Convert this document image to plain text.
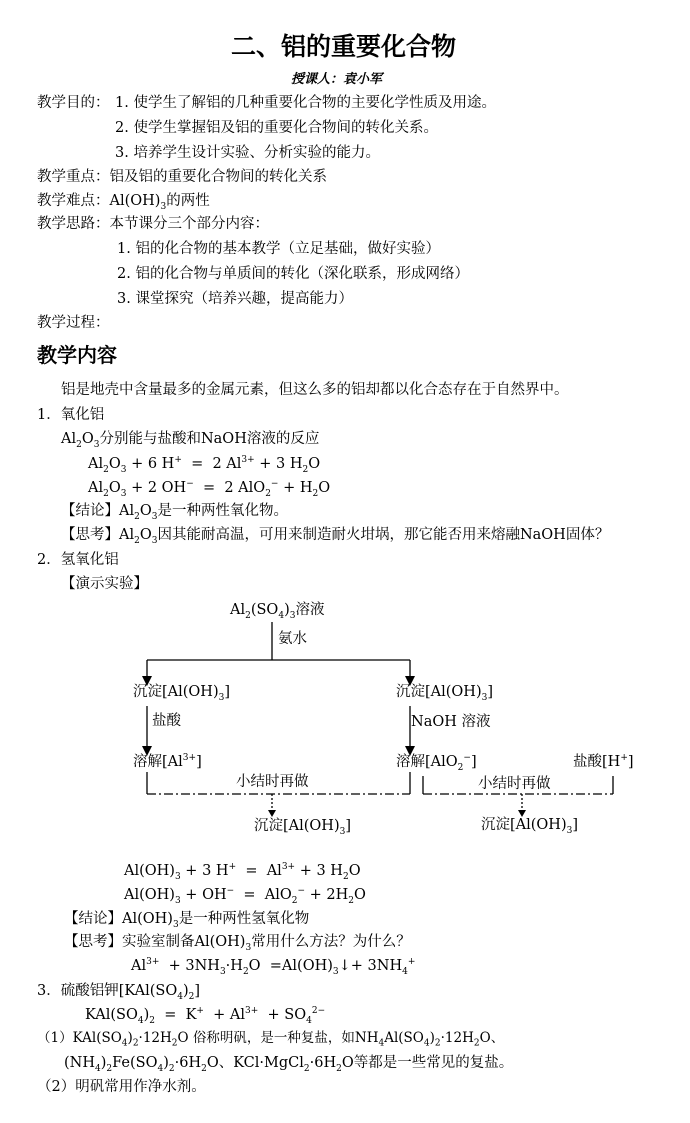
二、铝的重要化合物
授课人：袁小军
教学目的： 1. 使学生了解铝的几种重要化合物的主要化学性质及用途。
2. 使学生掌握铝及铝的重要化合物间的转化关系。
3. 培养学生设计实验、分析实验的能力。
教学重点：铝及铝的重要化合物间的转化关系
教学难点：$Al(OH)_3$的两性
教学思路：本节课分三个部分内容：
1. 铝的化合物的基本教学（立足基础，做好实验）
2. 铝的化合物与单质间的转化（深化联系，形成网络）
3. 课堂探究（培养兴趣，提高能力）
教学过程：
教学内容
铝是地壳中含量最多的金属元素，但这么多的铝却都以化合态存在于自然界中。
1．氧化铝
$Al_2O_3$分别能与盐酸和NaOH溶液的反应
$Al_2O_3 + 6$ H+  =  2 $Al^{3+} + 3$ $H_2O$
$Al_2O_3 + 2$ OH−  =  2 $AlO_2^- + H_2O$
【结论】$Al_2O_3$是一种两性氧化物。
【思考】$Al_2O_3$因其能耐高温，可用来制造耐火坩埚，那它能否用来熔融NaOH固体？
2．氢氧化铝
【演示实验】
$Al_2(SO_4)_3$溶液
氨水
沉淀$[Al(OH)_3]$	沉淀$[Al(OH)_3]$
盐酸	NaOH 溶液
溶解$[Al^{3+}]$	溶解[AlO$_2$−]	盐酸[H+]
小结时再做	小结时再做
沉淀$[Al(OH)_3]$	沉淀$[Al(OH)_3]$
$Al(OH)_3 + 3$ $H^+ = Al^{3+} + 3$ $H_2O$
$Al(OH)_3 + OH^- = AlO_2^- + 2H_2O$
【结论】$Al(OH)_3$是一种两性氢氧化物
【思考】实验室制备$Al(OH)_3$常用什么方法？为什么？
$Al^{3+} + 3NH_3\cdot H_2O$  $=Al(OH)_3↓+ 3NH_4^+$
3．硫酸铝钾$[KAl(SO_4)_2]$
$KAl(SO_4)_2 = K^+ + Al^{3+} + SO_4^{2-}$
$(1)KAl(SO_4)_2\cdot 12H_2O$ 俗称明矾，是一种复盐，如$NH_4Al(SO_4)_2\cdot 12H_2O$、
$(NH_4)_2Fe(SO_4)_2\cdot 6H_2O$、$KCl\cdot MgCl_2\cdot 6H_2O$等都是一些常见的复盐。
（2）明矾常用作净水剂。
